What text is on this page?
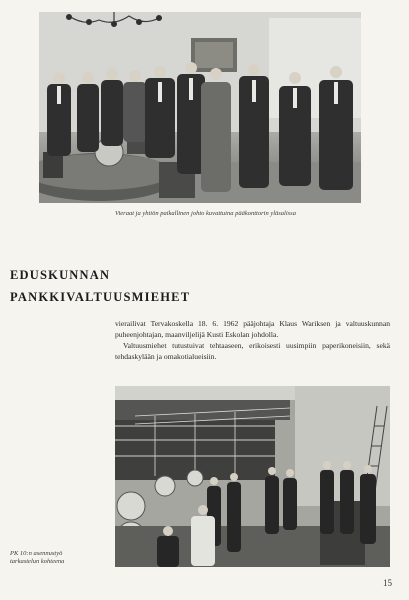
Vieraat ja yhtiön paikallinen johto kuvattuina pääkonttorin yläsalissa
EDUSKUNNAN
PANKKIVALTUUSMIEHET

vierailivat Tervakoskella 18. 6. 1962 pääjohtaja Klaus Wariksen ja valtuuskunnan puheenjohtajan, maanviljelijä Kusti Eskolan johdolla.

Valtuusmiehet tutustuivat tehtaaseen, erikoisesti uusimpiin paperikoneisiin, sekä tehdaskylään ja omakotialueisiin.

PK 10:n asennustyö tarkastelun kohteena
15
